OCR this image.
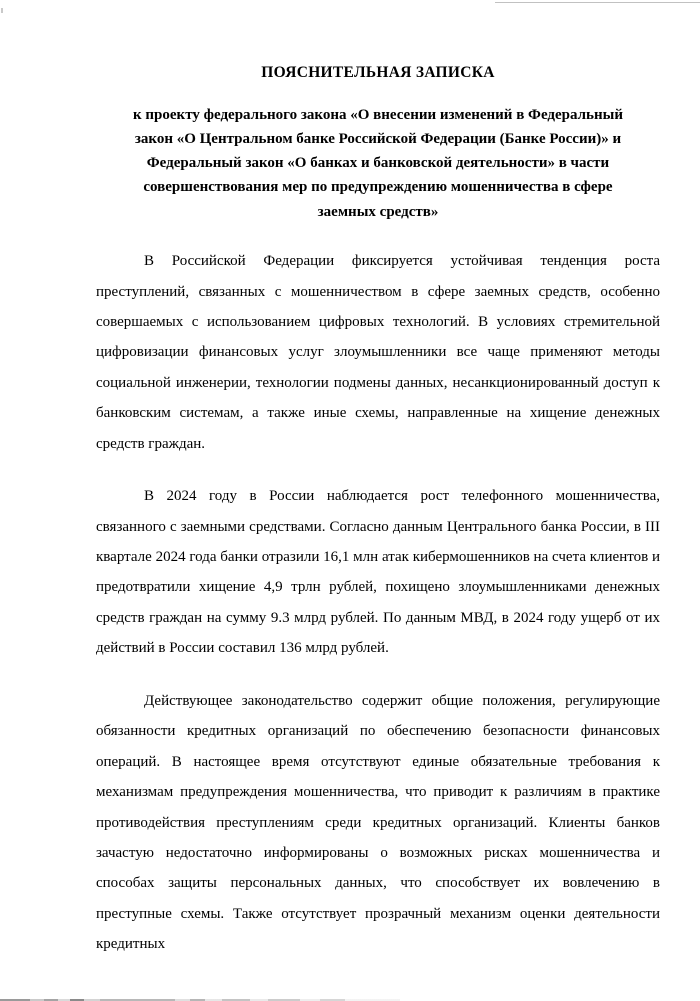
ПОЯСНИТЕЛЬНАЯ ЗАПИСКА

к проекту федерального закона «О внесении изменений в Федеральный закон «О Центральном банке Российской Федерации (Банке России)» и Федеральный закон «О банках и банковской деятельности» в части совершенствования мер по предупреждению мошенничества в сфере заемных средств»

В Российской Федерации фиксируется устойчивая тенденция роста преступлений, связанных с мошенничеством в сфере заемных средств, особенно совершаемых с использованием цифровых технологий. В условиях стремительной цифровизации финансовых услуг злоумышленники все чаще применяют методы социальной инженерии, технологии подмены данных, несанкционированный доступ к банковским системам, а также иные схемы, направленные на хищение денежных средств граждан.

В 2024 году в России наблюдается рост телефонного мошенничества, связанного с заемными средствами. Согласно данным Центрального банка России, в III квартале 2024 года банки отразили 16,1 млн атак кибермошенников на счета клиентов и предотвратили хищение 4,9 трлн рублей, похищено злоумышленниками денежных средств граждан на сумму 9.3 млрд рублей. По данным МВД, в 2024 году ущерб от их действий в России составил 136 млрд рублей.

Действующее законодательство содержит общие положения, регулирующие обязанности кредитных организаций по обеспечению безопасности финансовых операций. В настоящее время отсутствуют единые обязательные требования к механизмам предупреждения мошенничества, что приводит к различиям в практике противодействия преступлениям среди кредитных организаций. Клиенты банков зачастую недостаточно информированы о возможных рисках мошенничества и способах защиты персональных данных, что способствует их вовлечению в преступные схемы. Также отсутствует прозрачный механизм оценки деятельности кредитных
